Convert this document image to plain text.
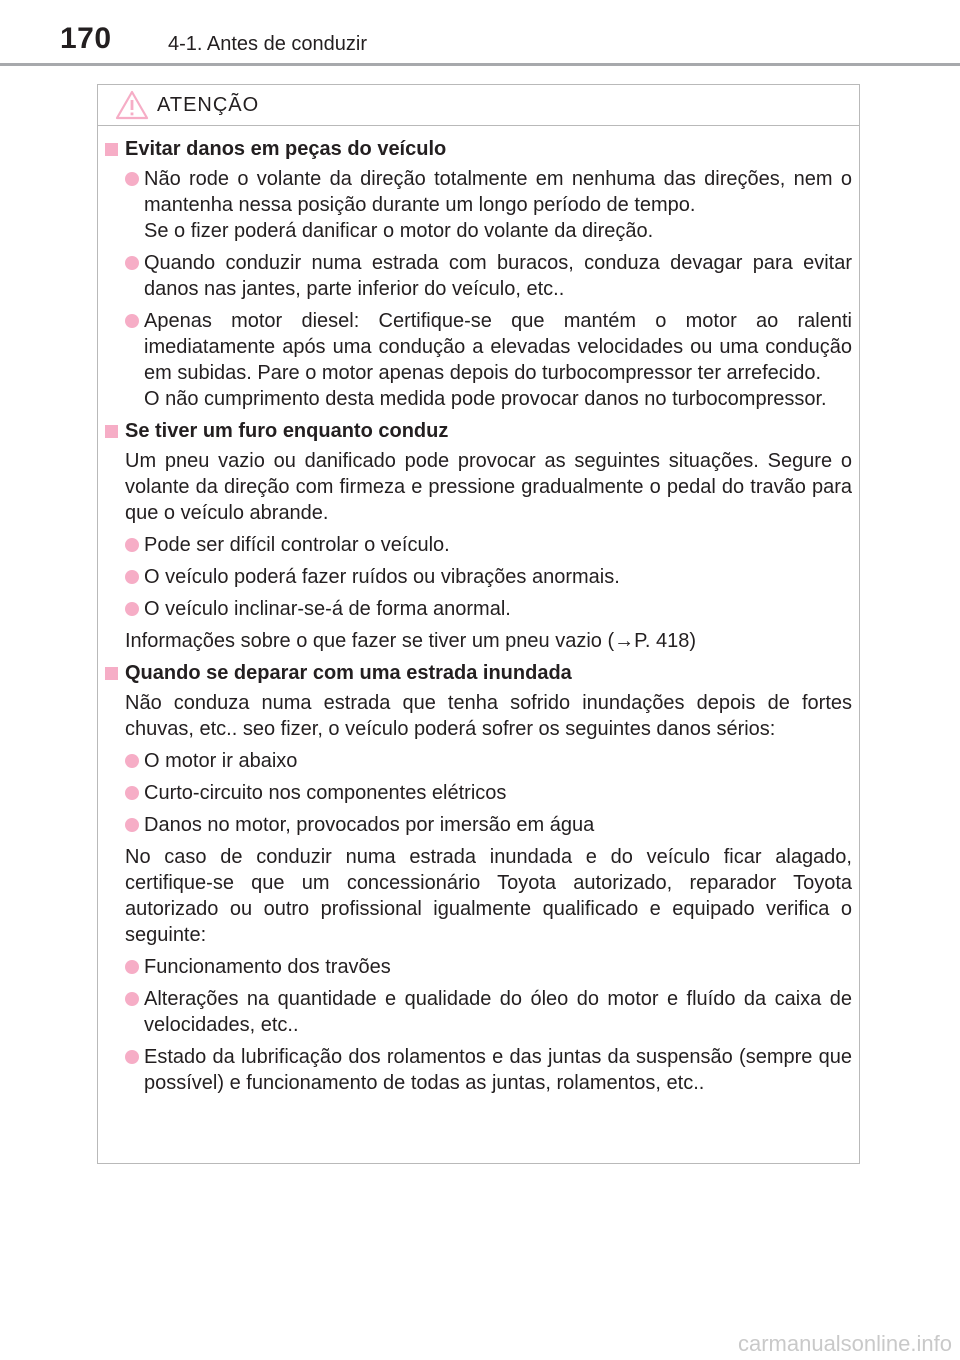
170	4-1. Antes de conduzir
ATENÇÃO
Evitar danos em peças do veículo
Não rode o volante da direção totalmente em nenhuma das direções, nem o mantenha nessa posição durante um longo período de tempo.
Se o fizer poderá danificar o motor do volante da direção.
Quando conduzir numa estrada com buracos, conduza devagar para evitar danos nas jantes, parte inferior do veículo, etc..
Apenas motor diesel: Certifique-se que mantém o motor ao ralenti imediatamente após uma condução a elevadas velocidades ou uma condução em subidas. Pare o motor apenas depois do turbocompressor ter arrefecido.
O não cumprimento desta medida pode provocar danos no turbocompressor.
Se tiver um furo enquanto conduz
Um pneu vazio ou danificado pode provocar as seguintes situações. Segure o volante da direção com firmeza e pressione gradualmente o pedal do travão para que o veículo abrande.
Pode ser difícil controlar o veículo.
O veículo poderá fazer ruídos ou vibrações anormais.
O veículo inclinar-se-á de forma anormal.
Informações sobre o que fazer se tiver um pneu vazio (→P. 418)
Quando se deparar com uma estrada inundada
Não conduza numa estrada que tenha sofrido inundações depois de fortes chuvas, etc.. seo fizer, o veículo poderá sofrer os seguintes danos sérios:
O motor ir abaixo
Curto-circuito nos componentes elétricos
Danos no motor, provocados por imersão em água
No caso de conduzir numa estrada inundada e do veículo ficar alagado, certifique-se que um concessionário Toyota autorizado, reparador Toyota autorizado ou outro profissional igualmente qualificado e equipado verifica o seguinte:
Funcionamento dos travões
Alterações na quantidade e qualidade do óleo do motor e fluído da caixa de velocidades, etc..
Estado da lubrificação dos rolamentos e das juntas da suspensão (sempre que possível) e funcionamento de todas as juntas, rolamentos, etc..
carmanualsonline.info
